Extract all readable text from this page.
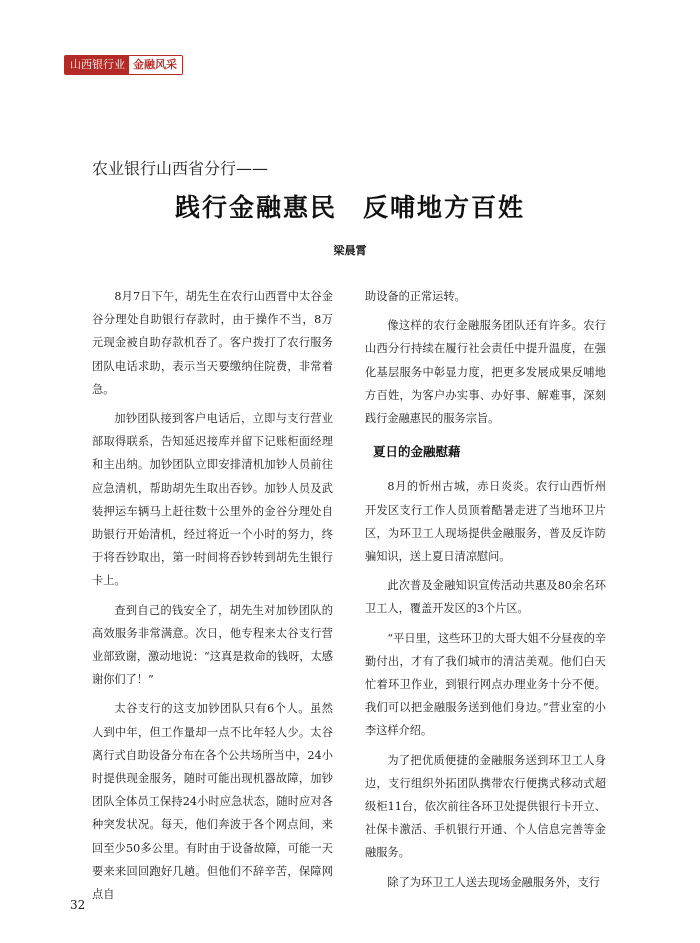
山西银行业 金融风采
农业银行山西省分行——
践行金融惠民 反哺地方百姓
梁晨霄

8月7日下午，胡先生在农行山西晋中太谷金谷分理处自助银行存款时，由于操作不当，8万元现金被自助存款机吞了。客户拨打了农行服务团队电话求助，表示当天要缴纳住院费，非常着急。

加钞团队接到客户电话后，立即与支行营业部取得联系，告知延迟接库并留下记账柜面经理和主出纳。加钞团队立即安排清机加钞人员前往应急清机，帮助胡先生取出吞钞。加钞人员及武装押运车辆马上赶往数十公里外的金谷分理处自助银行开始清机，经过将近一个小时的努力，终于将吞钞取出，第一时间将吞钞转到胡先生银行卡上。

查到自己的钱安全了，胡先生对加钞团队的高效服务非常满意。次日，他专程来太谷支行营业部致谢，激动地说：“这真是救命的钱呀，太感谢你们了！”

太谷支行的这支加钞团队只有6个人。虽然人到中年，但工作量却一点不比年轻人少。太谷离行式自助设备分布在各个公共场所当中，24小时提供现金服务，随时可能出现机器故障，加钞团队全体员工保持24小时应急状态，随时应对各种突发状况。每天，他们奔波于各个网点间，来回至少50多公里。有时由于设备故障，可能一天要来来回回跑好几趟。但他们不辞辛苦，保障网点自

助设备的正常运转。

像这样的农行金融服务团队还有许多。农行山西分行持续在履行社会责任中提升温度，在强化基层服务中彰显力度，把更多发展成果反哺地方百姓，为客户办实事、办好事、解难事，深刻践行金融惠民的服务宗旨。

夏日的金融慰藉

8月的忻州古城，赤日炎炎。农行山西忻州开发区支行工作人员顶着酷暑走进了当地环卫片区，为环卫工人现场提供金融服务，普及反诈防骗知识，送上夏日清凉慰问。

此次普及金融知识宣传活动共惠及80余名环卫工人，覆盖开发区的3个片区。

“平日里，这些环卫的大哥大姐不分昼夜的辛勤付出，才有了我们城市的清洁美观。他们白天忙着环卫作业，到银行网点办理业务十分不便。我们可以把金融服务送到他们身边。”营业室的小李这样介绍。

为了把优质便捷的金融服务送到环卫工人身边，支行组织外拓团队携带农行便携式移动式超级柜11台，依次前往各环卫处提供银行卡开立、社保卡激活、手机银行开通、个人信息完善等金融服务。

除了为环卫工人送去现场金融服务外，支行

32
